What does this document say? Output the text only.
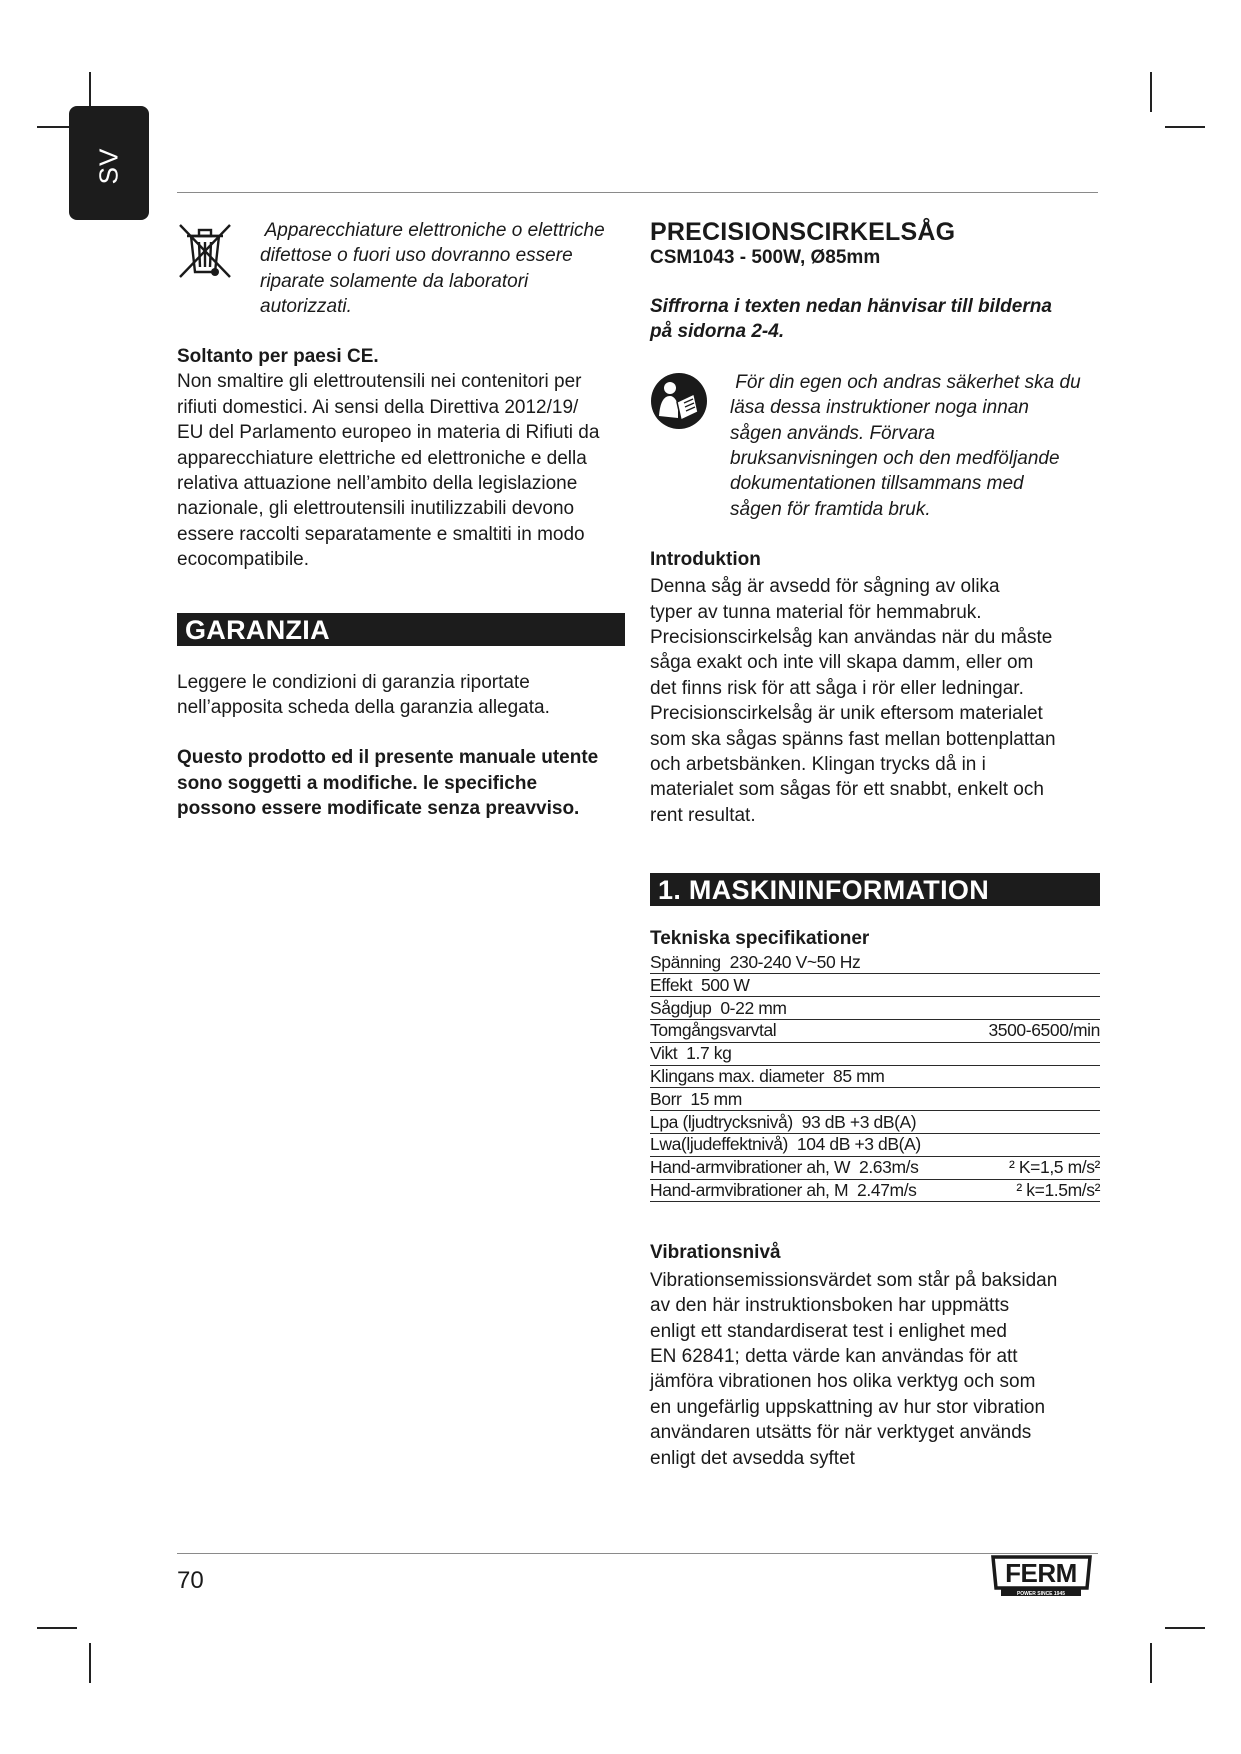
SV

Apparecchiature elettroniche o elettriche

difettose o fuori uso dovranno essere

riparate solamente da laboratori

autorizzati.

Soltanto per paesi CE.

Non smaltire gli elettroutensili nei contenitori per

rifiuti domestici. Ai sensi della Direttiva 2012/19/

EU del Parlamento europeo in materia di Rifiuti da

apparecchiature elettriche ed elettroniche e della

relativa attuazione nell’ambito della legislazione

nazionale, gli elettroutensili inutilizzabili devono

essere raccolti separatamente e smaltiti in modo

ecocompatibile.

GARANZIA

Leggere le condizioni di garanzia riportate

nell’apposita scheda della garanzia allegata.

Questo prodotto ed il presente manuale utente

sono soggetti a modifiche. le specifiche

possono essere modificate senza preavviso.

PRECISIONSCIRKELSÅG
CSM1043 - 500W, Ø85mm

Siffrorna i texten nedan hänvisar till bilderna

på sidorna 2-4.

För din egen och andras säkerhet ska du

läsa dessa instruktioner noga innan

sågen används. Förvara

bruksanvisningen och den medföljande

dokumentationen tillsammans med

sågen för framtida bruk.

Introduktion

Denna såg är avsedd för sågning av olika

typer av tunna material för hemmabruk.

Precisionscirkelsåg kan användas när du måste

såga exakt och inte vill skapa damm, eller om

det finns risk för att såga i rör eller ledningar.

Precisionscirkelsåg är unik eftersom materialet

som ska sågas spänns fast mellan bottenplattan

och arbetsbänken. Klingan trycks då in i

materialet som sågas för ett snabbt, enkelt och

rent resultat.

1. MASKININFORMATION

Tekniska specifikationer

Spänning  230-240 V~50 Hz	
Effekt  500 W	
Sågdjup  0-22 mm	
Tomgångsvarvtal	3500-6500/min
Vikt  1.7 kg	
Klingans max. diameter  85 mm	
Borr  15 mm	
Lpa (ljudtrycksnivå)  93 dB +3 dB(A)	
Lwa(ljudeffektnivå)  104 dB +3 dB(A)	
Hand-armvibrationer ah, W  2.63m/s	² K=1,5 m/s²
Hand-armvibrationer ah, M  2.47m/s	² k=1.5m/s²

Vibrationsnivå

Vibrationsemissionsvärdet som står på baksidan

av den här instruktionsboken har uppmätts

enligt ett standardiserat test i enlighet med

EN 62841; detta värde kan användas för att

jämföra vibrationen hos olika verktyg och som

en ungefärlig uppskattning av hur stor vibration

användaren utsätts för när verktyget används

enligt det avsedda syftet

70	FERM
POWER SINCE 1945
